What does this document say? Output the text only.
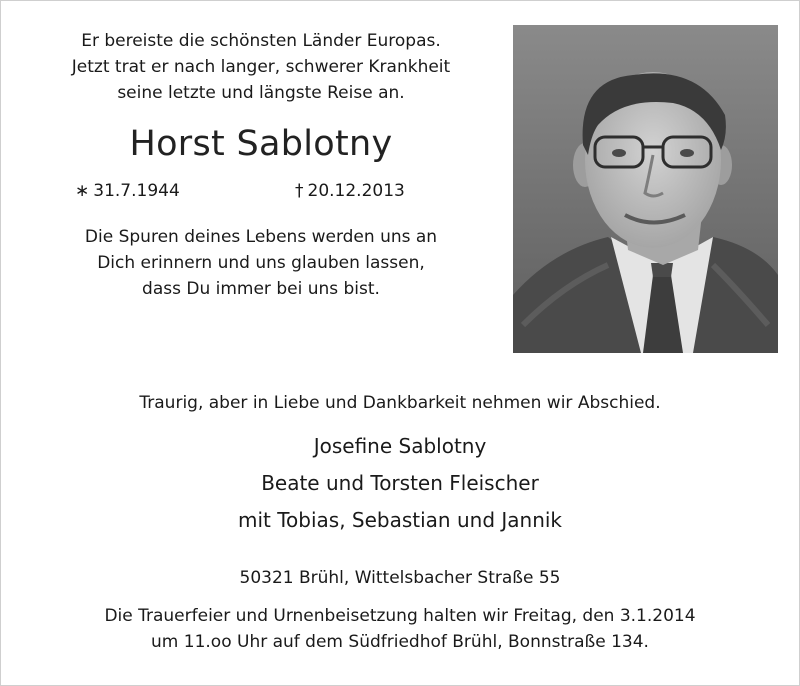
Er bereiste die schönsten Länder Europas.
Jetzt trat er nach langer, schwerer Krankheit
seine letzte und längste Reise an.
Horst Sablotny
∗ 31.7.1944	† 20.12.2013
Die Spuren deines Lebens werden uns an
Dich erinnern und uns glauben lassen,
dass Du immer bei uns bist.
Traurig, aber in Liebe und Dankbarkeit nehmen wir Abschied.
Josefine Sablotny
Beate und Torsten Fleischer
mit Tobias, Sebastian und Jannik
50321 Brühl, Wittelsbacher Straße 55
Die Trauerfeier und Urnenbeisetzung halten wir Freitag, den 3.1.2014
um 11.oo Uhr auf dem Südfriedhof Brühl, Bonnstraße 134.
